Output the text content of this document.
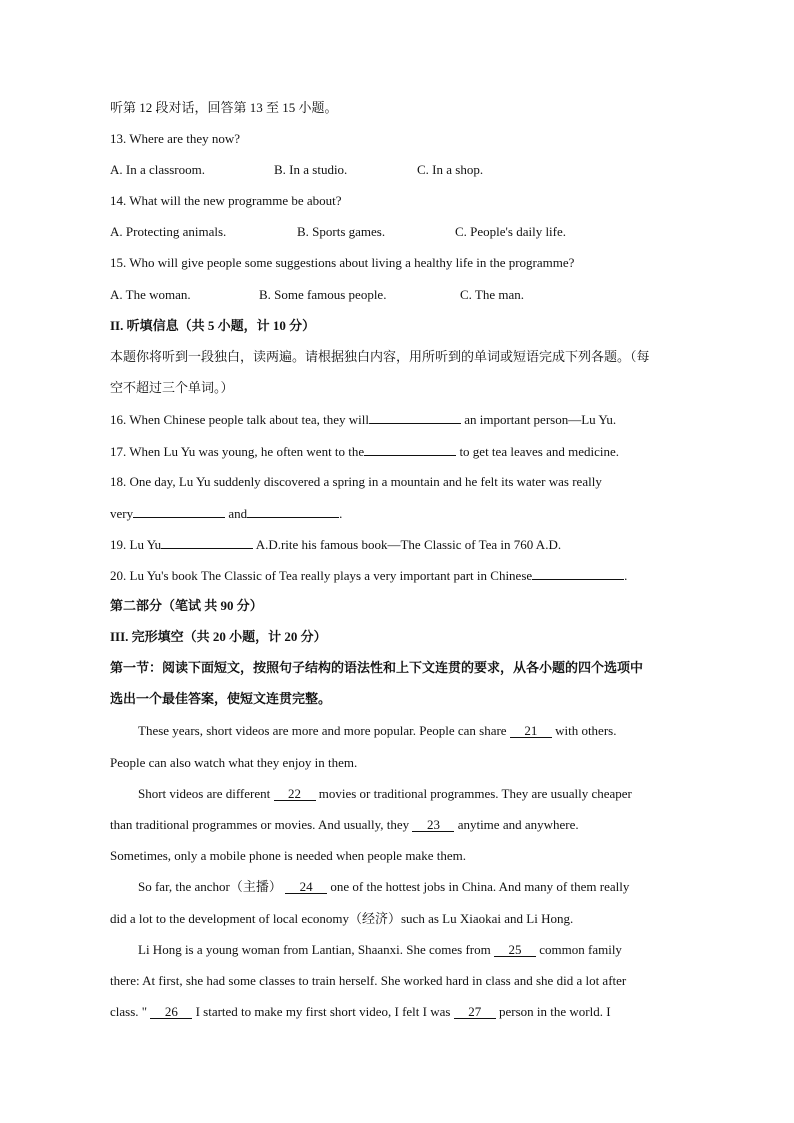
听第 12 段对话，回答第 13 至 15 小题。
13. Where are they now?
A. In a classroom.	B. In a studio.	C. In a shop.
14. What will the new programme be about?
A. Protecting animals.	B. Sports games.	C. People's daily life.
15. Who will give people some suggestions about living a healthy life in the programme?
A. The woman.	B. Some famous people.	C. The man.
II. 听填信息（共 5 小题，计 10 分）
本题你将听到一段独白，读两遍。请根据独白内容，用所听到的单词或短语完成下列各题。（每
空不超过三个单词。）
16. When Chinese people talk about tea, they will	an important person—Lu Yu.
17. When Lu Yu was young, he often went to the	to get tea leaves and medicine.
18. One day, Lu Yu suddenly discovered a spring in a mountain and he felt its water was really
very	and	.
19. Lu Yu	A.D.rite his famous book—The Classic of Tea in 760 A.D.
20. Lu Yu's book The Classic of Tea really plays a very important part in Chinese	.
第二部分（笔试 共 90 分）
III. 完形填空（共 20 小题，计 20 分）
第一节：阅读下面短文，按照句子结构的语法性和上下文连贯的要求，从各小题的四个选项中
选出一个最佳答案，使短文连贯完整。
These years, short videos are more and more popular. People can share 21 with others.
People can also watch what they enjoy in them.
Short videos are different 22 movies or traditional programmes. They are usually cheaper
than traditional programmes or movies. And usually, they 23 anytime and anywhere.
Sometimes, only a mobile phone is needed when people make them.
So far, the anchor（主播） 24 one of the hottest jobs in China. And many of them really
did a lot to the development of local economy（经济）such as Lu Xiaokai and Li Hong.
Li Hong is a young woman from Lantian, Shaanxi. She comes from 25 common family
there: At first, she had some classes to train herself. She worked hard in class and she did a lot after
class. " 26 I started to make my first short video, I felt I was 27 person in the world. I
